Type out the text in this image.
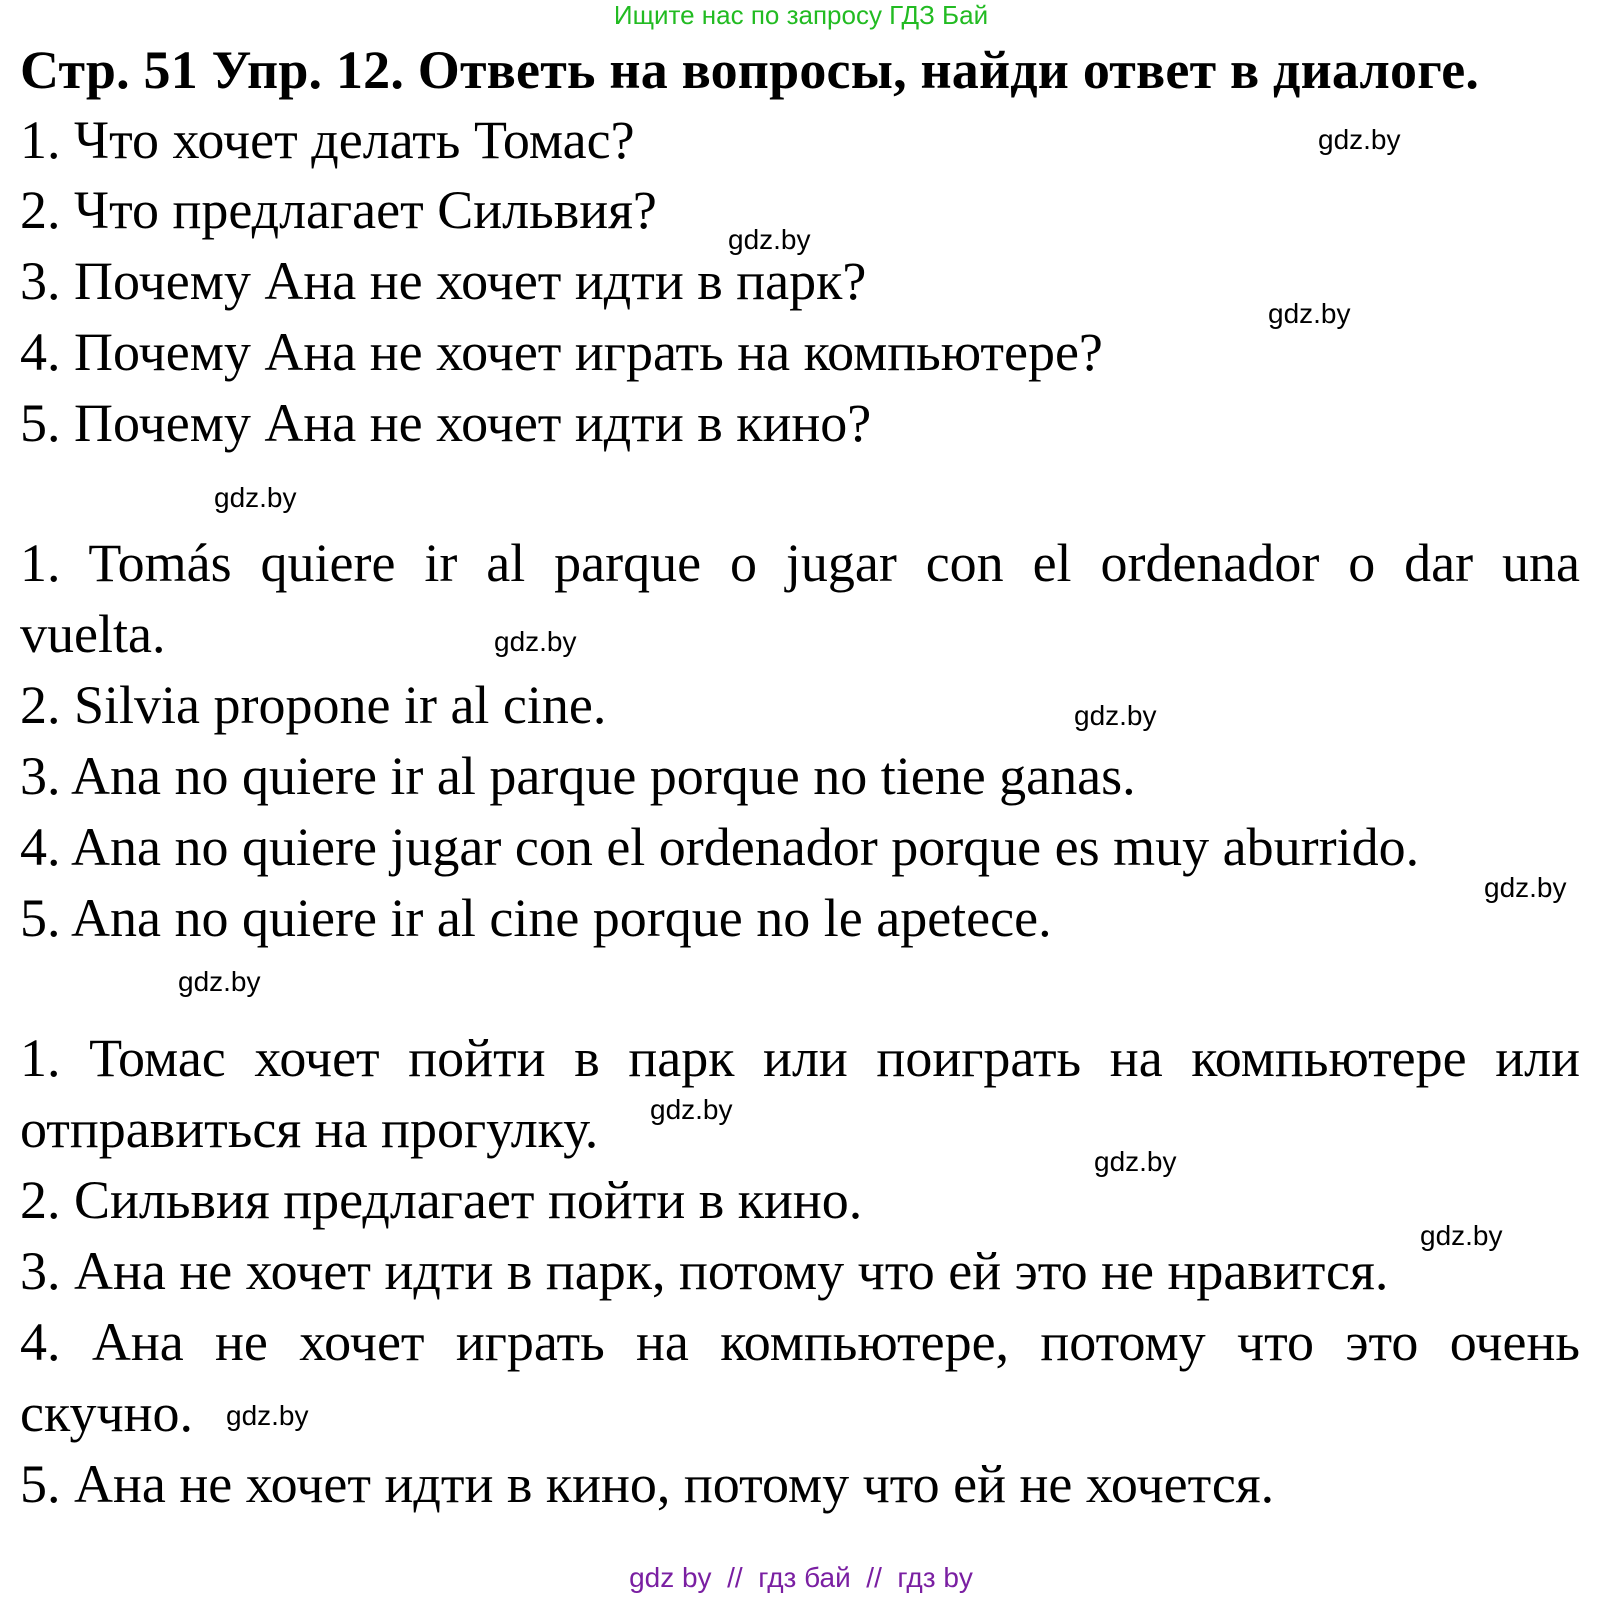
Ищите нас по запросу ГДЗ Бай
Стр. 51 Упр. 12. Ответь на вопросы, найди ответ в диалоге.
1. Что хочет делать Томас?
2. Что предлагает Сильвия?
3. Почему Ана не хочет идти в парк?
4. Почему Ана не хочет играть на компьютере?
5. Почему Ана не хочет идти в кино?
1. Tomás quiere ir al parque o jugar con el ordenador o dar una
vuelta.
2. Silvia propone ir al cine.
3. Ana no quiere ir al parque porque no tiene ganas.
4. Ana no quiere jugar con el ordenador porque es muy aburrido.
5. Ana no quiere ir al cine porque no le apetece.
1. Томас хочет пойти в парк или поиграть на компьютере или
отправиться на прогулку.
2. Сильвия предлагает пойти в кино.
3. Ана не хочет идти в парк, потому что ей это не нравится.
4. Ана не хочет играть на компьютере, потому что это очень
скучно.
5. Ана не хочет идти в кино, потому что ей не хочется.
gdz.by
gdz.by
gdz.by
gdz.by
gdz.by
gdz.by
gdz.by
gdz.by
gdz.by
gdz.by
gdz.by
gdz.by
gdz by  //  гдз бай  //  гдз by
